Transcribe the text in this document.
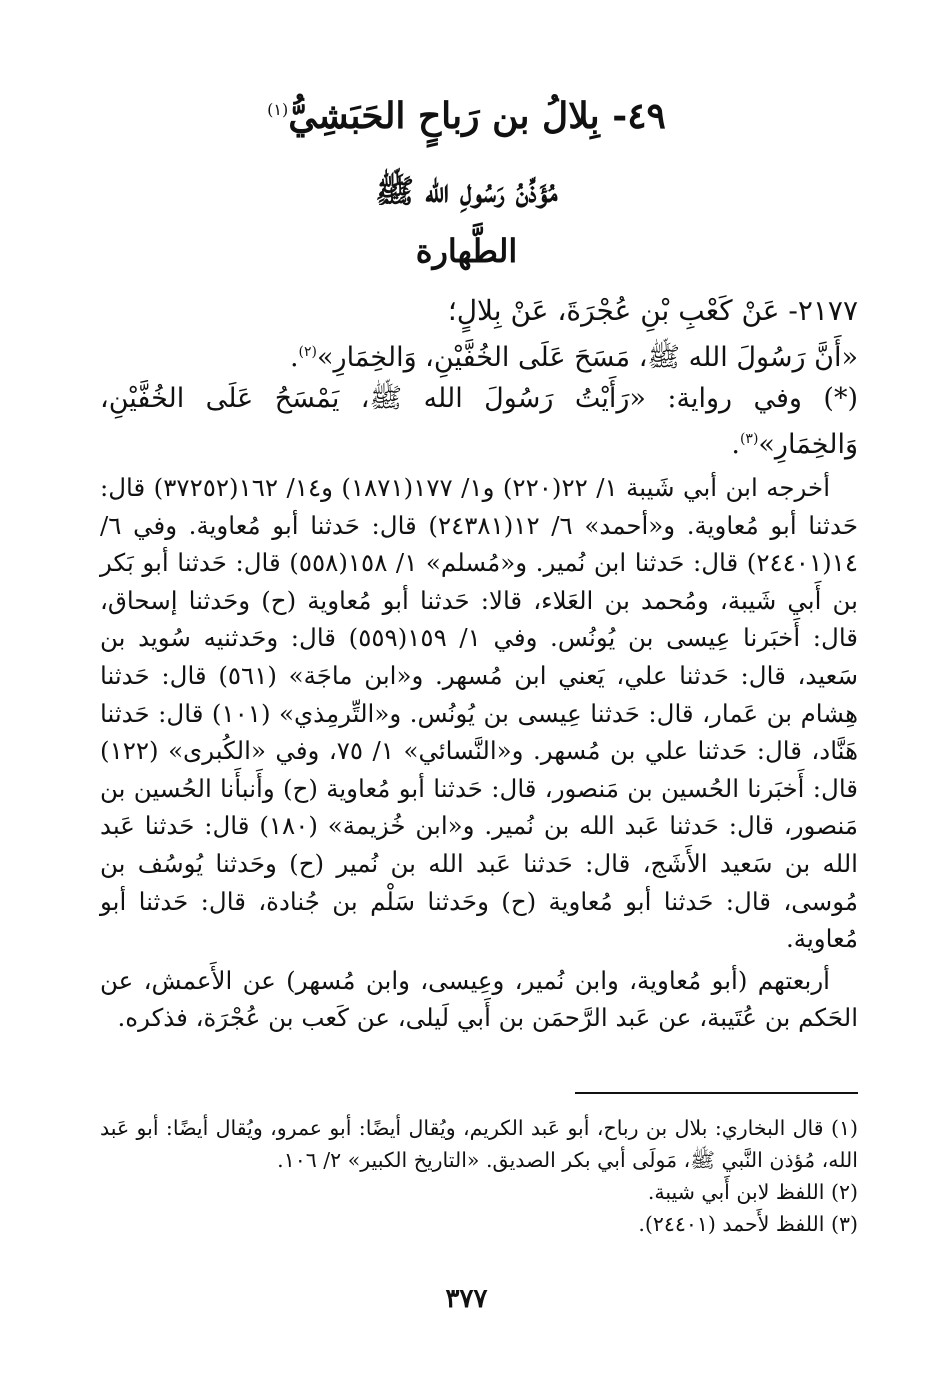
٤٩- بِلالُ بن رَباحٍ الحَبَشِيُّ$^{(١)}$
مُؤَذِّنُ رَسُولِ الله ﷺ
الطَّهارة

٢١٧٧- عَنْ كَعْبِ بْنِ عُجْرَةَ، عَنْ بِلالٍ؛

«أَنَّ رَسُولَ الله ﷺ، مَسَحَ عَلَى الخُفَّيْنِ، وَالخِمَارِ»$^{(٢)}$.

(*) وفي رواية: «رَأَيْتُ رَسُولَ الله ﷺ، يَمْسَحُ عَلَى الخُفَّيْنِ، وَالخِمَارِ»$^{(٣)}$.

أخرجه ابن أبي شَيبة ١/ ٢٢(٢٢٠) و١/ ١٧٧(١٨٧١) و١٤/ ١٦٢(٣٧٢٥٢) قال: حَدثنا أبو مُعاوية. و«أحمد» ٦/ ١٢(٢٤٣٨١) قال: حَدثنا أبو مُعاوية. وفي ٦/ ١٤(٢٤٤٠١) قال: حَدثنا ابن نُمير. و«مُسلم» ١/ ١٥٨(٥٥٨) قال: حَدثنا أبو بَكر بن أَبي شَيبة، ومُحمد بن العَلاء، قالا: حَدثنا أبو مُعاوية (ح) وحَدثنا إسحاق، قال: أَخبَرنا عِيسى بن يُونُس. وفي ١/ ١٥٩(٥٥٩) قال: وحَدثنيه سُويد بن سَعيد، قال: حَدثنا علي، يَعني ابن مُسهر. و«ابن ماجَة» (٥٦١) قال: حَدثنا هِشام بن عَمار، قال: حَدثنا عِيسى بن يُونُس. و«التِّرمِذي» (١٠١) قال: حَدثنا هَنَّاد، قال: حَدثنا علي بن مُسهر. و«النَّسائي» ١/ ٧٥، وفي «الكُبرى» (١٢٢) قال: أَخبَرنا الحُسين بن مَنصور، قال: حَدثنا أبو مُعاوية (ح) وأَنبأَنا الحُسين بن مَنصور، قال: حَدثنا عَبد الله بن نُمير. و«ابن خُزيمة» (١٨٠) قال: حَدثنا عَبد الله بن سَعيد الأَشَج، قال: حَدثنا عَبد الله بن نُمير (ح) وحَدثنا يُوسُف بن مُوسى، قال: حَدثنا أبو مُعاوية (ح) وحَدثنا سَلْم بن جُنادة، قال: حَدثنا أبو مُعاوية.

أربعتهم (أبو مُعاوية، وابن نُمير، وعِيسى، وابن مُسهر) عن الأَعمش، عن الحَكم بن عُتَيبة، عن عَبد الرَّحمَن بن أَبي لَيلى، عن كَعب بن عُجْرَة، فذكره.

(١) قال البخاري: بلال بن رباح، أبو عَبد الكريم، ويُقال أيضًا: أبو عمرو، ويُقال أيضًا: أبو عَبد الله، مُؤذن النَّبي ﷺ، مَولَى أبي بكر الصديق. «التاريخ الكبير» ٢/ ١٠٦.

(٢) اللفظ لابن أَبي شيبة.

(٣) اللفظ لأَحمد (٢٤٤٠١).

٣٧٧
